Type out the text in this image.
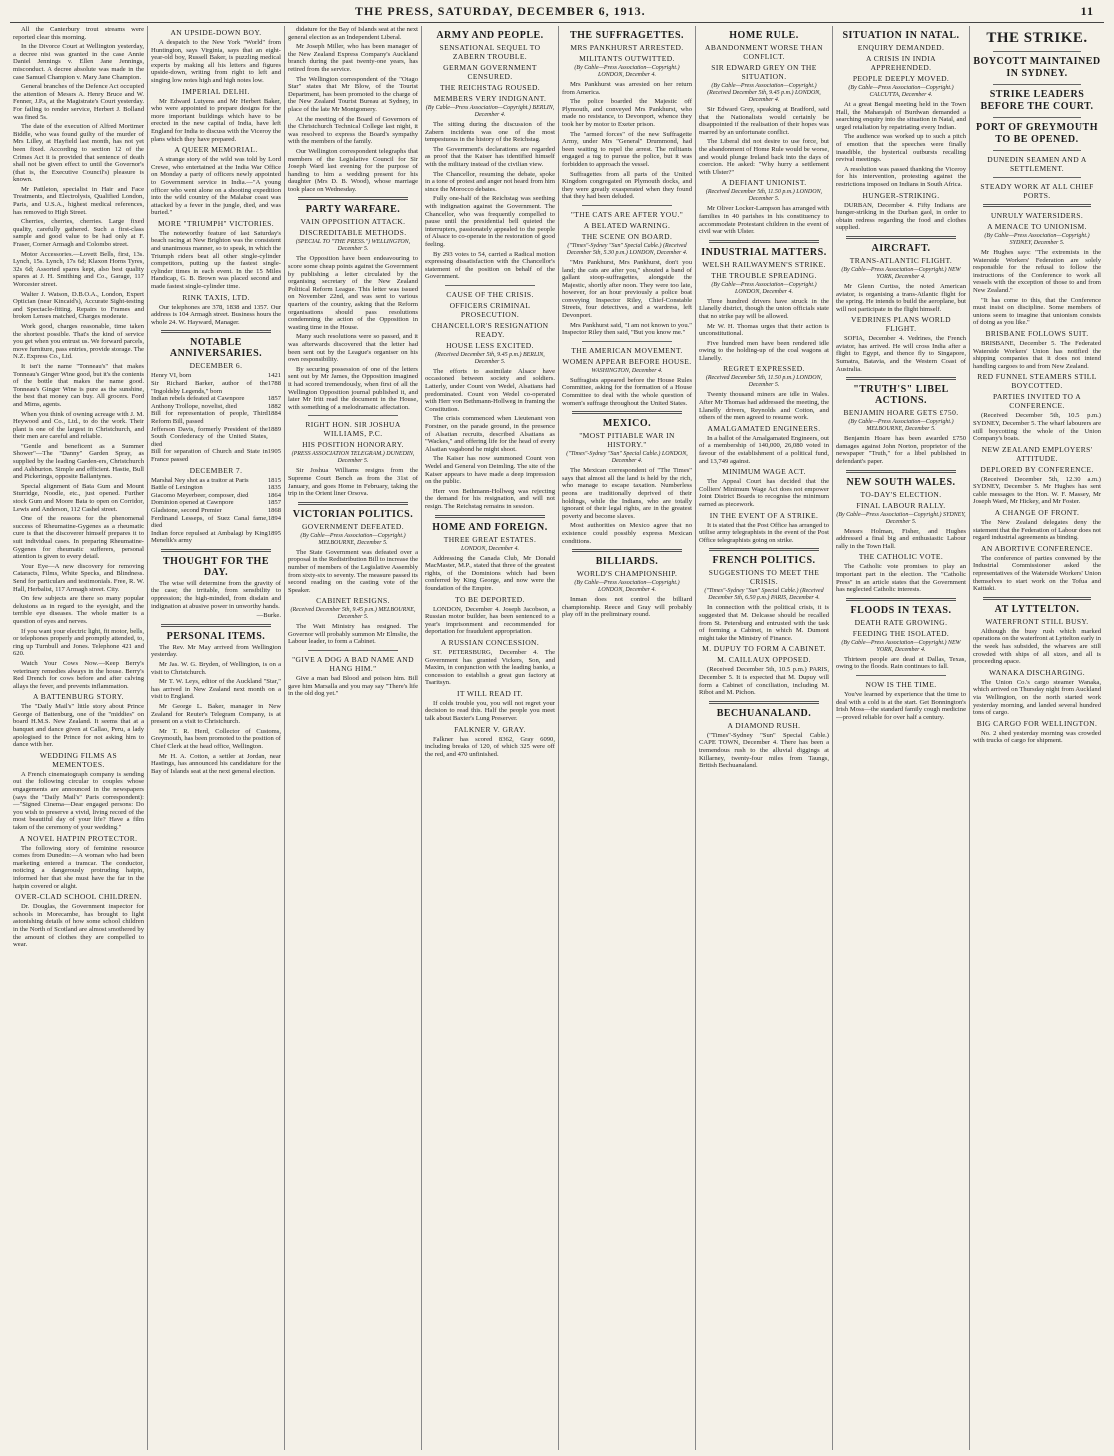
THE PRESS, SATURDAY, DECEMBER 6, 1913.	11

All the Canterbury trout streams were reported clear this morning.

In the Divorce Court at Wellington yesterday, a decree nisi was granted in the case Annie Daniel Jennings v. Ellen Jane Jennings, misconduct. A decree absolute was made in the case Samuel Champion v. Mary Jane Champion.

General branches of the Defence Act occupied the attention of Messrs A. Henry Bruce and W. Fenner, J.P.s, at the Magistrate's Court yesterday. For failing to render service, Herbert J. Bolland was fined 5s.

The date of the execution of Alfred Mortimer Biddle, who was found guilty of the murder of Mrs Lilley, at Hayfield last month, has not yet been fixed. According to section 12 of the Crimes Act it is provided that sentence of death shall not be given effect to until the Governor's (that is, the Executive Council's) pleasure is known.

Mr Pattleton, specialist in Hair and Face Treatments, and Electrolysis, Qualified London, Paris, and U.S.A., highest medical references, has removed to High Street.

Cherries, cherries, cherries. Large fixed quality, carefully gathered. Such a first-class sample and good value to be had only at F. Fraser, Corner Armagh and Colombo street.

Motor Accessories.—Lovett Bells, first, 13s. Lynch, 15s. Lynch, 17s 6d; Klaxon Horns Tyres, 32s 6d; Assorted spares kept, also best quality spares at J. H. Smithing and Co., Garage, 117 Worcester street.

Walter J. Watson, D.B.O.A., London, Expert Optician (near Kincaid's), Accurate Sight-testing and Spectacle-fitting. Repairs to Frames and broken Lenses matched, Charges moderate.

Work good, charges reasonable, time taken the shortest possible. That's the kind of service you get when you entrust us. We forward parcels, move furniture, pass entries, provide storage. The N.Z. Express Co., Ltd.

It isn't the name "Tonneau's" that makes Tonneau's Ginger Wine good, but it's the contents of the bottle that makes the name good. Tonneau's Ginger Wine is pure as the sunshine, the best that money can buy. All grocers. Ford and Mims, agents.

When you think of owning acreage with J. M. Heywood and Co., Ltd., to do the work. Their plant is one of the largest in Christchurch, and their men are careful and reliable.

"Gentle and beneficent as a Summer Shower"—The "Danny" Garden Spray, as supplied by the leading Garden-ers, Christchurch and Ashburton. Simple and efficient. Hastie, Bull and Pickerings, opposite Ballantynes.

Special alignment of Bata Gum and Mount Sturridge, Noodle, etc., just opened. Further stock Gum and Moore Bata to open on Corridor, Lewis and Anderson, 112 Cashel street.

One of the reasons for the phenomenal success of Rheumatine-Gygenes as a rheumatic cure is that the discoverer himself prepares it to suit individual cases. In preparing Rheumatine-Gygenes for rheumatic sufferers, personal attention is given to every detail.

Your Eye—A new discovery for removing Cataracts, Films, White Specks, and Blindness. Send for particulars and testimonials. Free, R. W. Hall, Herbalist, 117 Armagh street. City.

On few subjects are there so many popular delusions as in regard to the eyesight, and the terrible eye diseases. The whole matter is a question of eyes and nerves.

If you want your electric light, fit motor, bells, or telephones properly and promptly attended, to, ring up Turnbull and Jones. Telephone 421 and 620.

Watch Your Cows Now.—Keep Berry's veterinary remedies always in the house. Berry's Red Drench for cows before and after calving allays the fever, and prevents inflammation.

A BATTENBURG STORY.

The "Daily Mail's" little story about Prince George of Battenburg, one of the "middies" on board H.M.S. New Zealand. It seems that at a banquet and dance given at Callao, Peru, a lady apologised to the Prince for not asking him to dance with her.

WEDDING FILMS AS MEMENTOES.

A French cinematograph company is sending out the following circular to couples whose engagements are announced in the newspapers (says the "Daily Mail's" Paris correspondent):—"Signed Cinema—Dear engaged persons: Do you wish to preserve a vivid, living record of the most beautiful day of your life? Have a film taken of the ceremony of your wedding."

A NOVEL HATPIN PROTECTOR.

The following story of feminine resource comes from Dunedin:—A woman who had been marketing entered a tramcar. The conductor, noticing a dangerously protruding hatpin, informed her that she must have the far in the hatpin covered or alight.

OVER-CLAD SCHOOL CHILDREN.

Dr. Douglas, the Government inspector for schools in Morecambe, has brought to light astonishing details of how some school children in the North of Scotland are almost smothered by the amount of clothes they are compelled to wear.

AN UPSIDE-DOWN BOY.

A despatch to the New York "World" from Huntington, says Virginia, says that an eight-year-old boy, Russell Baker, is puzzling medical experts by making all his letters and figures upside-down, writing from right to left and singing low notes high and high notes low.

IMPERIAL DELHI.

Mr Edward Lutyens and Mr Herbert Baker, who were appointed to prepare designs for the more important buildings which have to be erected in the new capital of India, have left England for India to discuss with the Viceroy the plans which they have prepared.

A QUEER MEMORIAL.

A strange story of the wild was told by Lord Crewe, who entertained at the India War Office on Monday a party of officers newly appointed to Government service in India.—"A young officer who went alone on a shooting expedition into the wild country of the Malabar coast was attacked by a fever in the jungle, died, and was buried."

MORE "TRIUMPH" VICTORIES.

The noteworthy feature of last Saturday's beach racing at New Brighton was the consistent and unanimous manner, so to speak, in which the Triumph riders beat all other single-cylinder competitors, putting up the fastest single-cylinder times in each event. In the 15 Miles Handicap, G. B. Brown was placed second and made fastest single-cylinder time.

RINK TAXIS, LTD.

Our telephones are 378, 1838 and 1357. Our address is 104 Armagh street. Business hours the whole 24. W. Hayward, Manager.

NOTABLE ANNIVERSARIES.
DECEMBER 6.
Henry VI, born	1421
Sir Richard Barker, author of the "Ingoldsby Legends," born
1788
Indian rebels defeated at Cawnpore	1857
Anthony Trollope, novelist, died	1882
Bill for representation of people, Third Reform Bill, passed
1884
Jefferson Davis, formerly President of the South Confederacy of the United States, died
1889
Bill for separation of Church and State in France passed
1905
DECEMBER 7.
Marshal Ney shot as a traitor at Paris	1815
Battle of Lexington	1835
Giacomo Meyerbeer, composer, died	1864
Dominion opened at Cawnpore	1857
Gladstone, second Premier	1868
Ferdinand Lesseps, of Suez Canal fame, died
1894
Indian force repulsed at Ambalagi by King Menelik's army
1895
THOUGHT FOR THE DAY.

The wise will determine from the gravity of the case; the irritable, from sensibility to oppression; the high-minded, from disdain and indignation at abusive power in unworthy hands.

—Burke.

PERSONAL ITEMS.

The Rev. Mr May arrived from Wellington yesterday.

Mr Jas. W. G. Bryden, of Wellington, is on a visit to Christchurch.

Mr T. W. Leys, editor of the Auckland "Star," has arrived in New Zealand next month on a visit to England.

Mr George L. Baker, manager in New Zealand for Reuter's Telegram Company, is at present on a visit to Christchurch.

Mr T. R. Herd, Collector of Customs, Greymouth, has been promoted to the position of Chief Clerk at the head office, Wellington.

Mr H. A. Cotton, a settler at Jordan, near Hastings, has announced his candidature for the Bay of Islands seat at the next general election.

didature for the Bay of Islands seat at the next general election as an Independent Liberal.

Mr Joseph Miller, who has been manager of the New Zealand Express Company's Auckland branch during the past twenty-one years, has retired from the service.

The Wellington correspondent of the "Otago Star" states that Mr Blow, of the Tourist Department, has been promoted to the charge of the New Zealand Tourist Bureau at Sydney, in place of the late Mr Montgomery.

At the meeting of the Board of Governors of the Christchurch Technical College last night, it was resolved to express the Board's sympathy with the members of the family.

Our Wellington correspondent telegraphs that members of the Legislative Council for Sir Joseph Ward last evening for the purpose of handing to him a wedding present for his daughter (Mrs D. B. Wood), whose marriage took place on Wednesday.

PARTY WARFARE.
VAIN OPPOSITION ATTACK.
DISCREDITABLE METHODS.
(SPECIAL TO "THE PRESS.") WELLINGTON, December 5.

The Opposition have been endeavouring to score some cheap points against the Government by publishing a letter circulated by the organising secretary of the New Zealand Political Reform League. This letter was issued on November 22nd, and was sent to various quarters of the country, asking that the Reform organisations should pass resolutions condemning the action of the Opposition in wasting time in the House.

Many such resolutions were so passed, and it was afterwards discovered that the letter had been sent out by the League's organiser on his own responsibility.

By securing possession of one of the letters sent out by Mr James, the Opposition imagined it had scored tremendously, when first of all the Wellington Opposition journal published it, and later Mr Iritt read the document in the House, with something of a melodramatic affectation.

RIGHT HON. SIR JOSHUA WILLIAMS, P.C.
HIS POSITION HONORARY.
(PRESS ASSOCIATION TELEGRAM.) DUNEDIN, December 5.

Sir Joshua Williams resigns from the Supreme Court Bench as from the 31st of January, and goes Home in February, taking the trip in the Orient liner Orsova.

VICTORIAN POLITICS.
GOVERNMENT DEFEATED.
(By Cable—Press Association—Copyright.) MELBOURNE, December 5.

The State Government was defeated over a proposal in the Redistribution Bill to increase the number of members of the Legislative Assembly from sixty-six to seventy. The measure passed its second reading on the casting vote of the Speaker.

CABINET RESIGNS.
(Received December 5th, 9.45 p.m.) MELBOURNE, December 5.

The Watt Ministry has resigned. The Governor will probably summon Mr Elmslie, the Labour leader, to form a Cabinet.

"GIVE A DOG A BAD NAME AND HANG HIM."

Give a man bad Blood and poison him. Bill gave him Marsalla and you may say "There's life in the old dog yet."

ARMY AND PEOPLE.
SENSATIONAL SEQUEL TO ZABERN TROUBLE.
GERMAN GOVERNMENT CENSURED.
THE REICHSTAG ROUSED.
MEMBERS VERY INDIGNANT.
(By Cable—Press Association—Copyright.) BERLIN, December 4.

The sitting during the discussion of the Zabern incidents was one of the most tempestuous in the history of the Reichstag.

The Government's declarations are regarded as proof that the Kaiser has identified himself with the military instead of the civilian view.

The Chancellor, resuming the debate, spoke in a tone of protest and anger not heard from him since the Morocco debates.

Fully one-half of the Reichstag was seething with indignation against the Government. The Chancellor, who was frequently compelled to pause until the presidential bell quieted the interrupters, passionately appealed to the people of Alsace to co-operate in the restoration of good feeling.

By 293 votes to 54, carried a Radical motion expressing dissatisfaction with the Chancellor's statement of the position on behalf of the Government.

CAUSE OF THE CRISIS.
OFFICERS CRIMINAL PROSECUTION.
CHANCELLOR'S RESIGNATION READY.
HOUSE LESS EXCITED.
(Received December 5th, 9.45 p.m.) BERLIN, December 5.

The efforts to assimilate Alsace have occasioned between society and soldiers. Latterly, under Count von Wedel, Alsatians had predominated. Count von Wedel co-operated with Herr von Bethmann-Hollweg in framing the Constitution.

The crisis commenced when Lieutenant von Forstner, on the parade ground, in the presence of Alsatian recruits, described Alsatians as "Wackes," and offering life for the head of every Alsatian vagabond he might shoot.

The Kaiser has now summoned Count von Wedel and General von Deimling. The site of the Kaiser appears to have made a deep impression on the public.

Herr von Bethmann-Hollweg was rejecting the demand for his resignation, and will not resign. The Reichstag remains in session.

HOME AND FOREIGN.
THREE GREAT ESTATES.
LONDON, December 4.

Addressing the Canada Club, Mr Donald MacMaster, M.P., stated that three of the greatest rights, of the Dominions which had been conferred by King George, and now were the foundation of the Empire.

TO BE DEPORTED.

LONDON, December 4. Joseph Jacobson, a Russian motor builder, has been sentenced to a year's imprisonment and recommended for deportation for fraudulent appropriation.

A RUSSIAN CONCESSION.

ST. PETERSBURG, December 4. The Government has granted Vickers, Son, and Maxim, in conjunction with the leading banks, a concession to establish a great gun factory at Tsaritsyn.

IT WILL READ IT.

If colds trouble you, you will not regret your decision to read this. Half the people you meet talk about Baxter's Lung Preserver.

FALKNER V. GRAY.

Falkner has scored 8362, Gray 6090, including breaks of 120, of which 325 were off the red, and 470 unfinished.

THE SUFFRAGETTES.
MRS PANKHURST ARRESTED.
MILITANTS OUTWITTED.
(By Cable—Press Association—Copyright.) LONDON, December 4.

Mrs Pankhurst was arrested on her return from America.

The police boarded the Majestic off Plymouth, and conveyed Mrs Pankhurst, who made no resistance, to Devonport, whence they took her by motor to Exeter prison.

The "armed forces" of the new Suffragette Army, under Mrs "General" Drummond, had been waiting to repel the arrest. The militants engaged a tug to pursue the police, but it was forbidden to approach the vessel.

Suffragettes from all parts of the United Kingdom congregated on Plymouth docks, and they were greatly exasperated when they found that they had been deluded.

"THE CATS ARE AFTER YOU."
A BELATED WARNING.
THE SCENE ON BOARD.
("Times"-Sydney "Sun" Special Cable.) (Received December 5th, 5.30 p.m.) LONDON, December 4.

"Mrs Pankhurst, Mrs Pankhurst, don't you land; the cats are after you," shouted a band of gallant stoop-suffragettes, alongside the Majestic, shortly after noon. They were too late, however, for an hour previously a police boat conveying Inspector Riley, Chief-Constable Streets, four detectives, and a wardress, left Devonport.

Mrs Pankhurst said, "I am not known to you." Inspector Riley then said, "But you know me."

THE AMERICAN MOVEMENT.
WOMEN APPEAR BEFORE HOUSE.
WASHINGTON, December 4.

Suffragists appeared before the House Rules Committee, asking for the formation of a House Committee to deal with the whole question of women's suffrage throughout the United States.

MEXICO.
"MOST PITIABLE WAR IN HISTORY."
("Times"-Sydney "Sun" Special Cable.) LONDON, December 4.

The Mexican correspondent of "The Times" says that almost all the land is held by the rich, who manage to escape taxation. Numberless peons are traditionally deprived of their holdings, while the Indians, who are totally ignorant of their legal rights, are in the greatest poverty and become slaves.

Most authorities on Mexico agree that no existence could possibly express Mexican conditions.

BILLIARDS.
WORLD'S CHAMPIONSHIP.
(By Cable—Press Association—Copyright.) LONDON, December 4.

Inman does not control the billiard championship. Reece and Gray will probably play off in the preliminary round.

HOME RULE.
ABANDONMENT WORSE THAN CONFLICT.
SIR EDWARD GREY ON THE SITUATION.
(By Cable—Press Association—Copyright.) (Received December 5th, 9.45 p.m.) LONDON, December 4.

Sir Edward Grey, speaking at Bradford, said that the Nationalists would certainly be disappointed if the realisation of their hopes was marred by an unfortunate conflict.

The Liberal did not desire to use force, but the abandonment of Home Rule would be worse, and would plunge Ireland back into the days of coercion. He asked: "Why hurry a settlement with Ulster?"

A DEFIANT UNIONIST.
(Received December 5th, 11.50 p.m.) LONDON, December 5.

Mr Oliver Locker-Lampson has arranged with families in 40 parishes in his constituency to accommodate Protestant children in the event of civil war with Ulster.

INDUSTRIAL MATTERS.
WELSH RAILWAYMEN'S STRIKE.
THE TROUBLE SPREADING.
(By Cable—Press Association—Copyright.) LONDON, December 4.

Three hundred drivers have struck in the Llanelly district, though the union officials state that no strike pay will be allowed.

Mr W. H. Thomas urges that their action is unconstitutional.

Five hundred men have been rendered idle owing to the holding-up of the coal wagons at Llanelly.

REGRET EXPRESSED.
(Received December 5th, 11.50 p.m.) LONDON, December 5.

Twenty thousand miners are idle in Wales. After Mr Thomas had addressed the meeting, the Llanelly drivers, Reynolds and Cotton, and others of the men agreed to resume work.

AMALGAMATED ENGINEERS.

In a ballot of the Amalgamated Engineers, out of a membership of 140,000, 26,080 voted in favour of the establishment of a political fund, and 13,749 against.

MINIMUM WAGE ACT.

The Appeal Court has decided that the Colliers' Minimum Wage Act does not empower Joint District Boards to recognise the minimum earned as piecework.

IN THE EVENT OF A STRIKE.

It is stated that the Post Office has arranged to utilise army telegraphists in the event of the Post Office telegraphists going on strike.

FRENCH POLITICS.
SUGGESTIONS TO MEET THE CRISIS.
("Times"-Sydney "Sun" Special Cable.) (Received December 5th, 6.50 p.m.) PARIS, December 4.

In connection with the political crisis, it is suggested that M. Delcasse should be recalled from St. Petersburg and entrusted with the task of forming a Cabinet, in which M. Dumont might take the Ministry of Finance.

M. DUPUY TO FORM A CABINET.
M. CAILLAUX OPPOSED.

(Received December 5th, 10.5 p.m.) PARIS, December 5. It is expected that M. Dupuy will form a Cabinet of conciliation, including M. Ribot and M. Pichon.

BECHUANALAND.
A DIAMOND RUSH.

("Times"-Sydney "Sun" Special Cable.) CAPE TOWN, December 4. There has been a tremendous rush to the alluvial diggings at Killarney, twenty-four miles from Taungs, British Bechuanaland.

SITUATION IN NATAL.
ENQUIRY DEMANDED.
A CRISIS IN INDIA APPREHENDED.
PEOPLE DEEPLY MOVED.
(By Cable—Press Association—Copyright.) CALCUTTA, December 4.

At a great Bengal meeting held in the Town Hall, the Maharajah of Burdwan demanded a searching enquiry into the situation in Natal, and urged retaliation by repatriating every Indian.

The audience was worked up to such a pitch of emotion that the speeches were finally inaudible, the hysterical outbursts recalling revival meetings.

A resolution was passed thanking the Viceroy for his intervention, protesting against the restrictions imposed on Indians in South Africa.

HUNGER-STRIKING.

DURBAN, December 4. Fifty Indians are hunger-striking in the Durban gaol, in order to obtain redress regarding the food and clothes supplied.

AIRCRAFT.
TRANS-ATLANTIC FLIGHT.
(By Cable—Press Association—Copyright.) NEW YORK, December 4.

Mr Glenn Curtiss, the noted American aviator, is organising a trans-Atlantic flight for the spring. He intends to build the aeroplane, but will not participate in the flight himself.

VEDRINES PLANS WORLD FLIGHT.

SOFIA, December 4. Vedrines, the French aviator, has arrived. He will cross India after a flight to Egypt, and thence fly to Singapore, Sumatra, Batavia, and the Western Coast of Australia.

"TRUTH'S" LIBEL ACTIONS.
BENJAMIN HOARE GETS £750.
(By Cable—Press Association—Copyright.) MELBOURNE, December 5.

Benjamin Hoare has been awarded £750 damages against John Norton, proprietor of the newspaper "Truth," for a libel published in defendant's paper.

NEW SOUTH WALES.
TO-DAY'S ELECTION.
FINAL LABOUR RALLY.
(By Cable—Press Association—Copyright.) SYDNEY, December 5.

Messrs Holman, Fisher, and Hughes addressed a final big and enthusiastic Labour rally in the Town Hall.

THE CATHOLIC VOTE.

The Catholic vote promises to play an important part in the election. The "Catholic Press" in an article states that the Government has neglected Catholic interests.

FLOODS IN TEXAS.
DEATH RATE GROWING.
FEEDING THE ISOLATED.
(By Cable—Press Association—Copyright.) NEW YORK, December 4.

Thirteen people are dead at Dallas, Texas, owing to the floods. Rain continues to fall.

NOW IS THE TIME.

You've learned by experience that the time to deal with a cold is at the start. Get Bonnington's Irish Moss—the standard family cough medicine—proved reliable for over half a century.

THE STRIKE.
BOYCOTT MAINTAINED IN SYDNEY.
STRIKE LEADERS BEFORE THE COURT.
PORT OF GREYMOUTH TO BE OPENED.
DUNEDIN SEAMEN AND A SETTLEMENT.
STEADY WORK AT ALL CHIEF PORTS.
UNRULY WATERSIDERS.
A MENACE TO UNIONISM.
(By Cable—Press Association—Copyright.) SYDNEY, December 5.

Mr Hughes says: "The extremists in the Waterside Workers' Federation are solely responsible for the refusal to follow the instructions of the Conference to work all vessels with the exception of those to and from New Zealand."

"It has come to this, that the Conference must insist on discipline. Some members of unions seem to imagine that unionism consists of doing as you like."

BRISBANE FOLLOWS SUIT.

BRISBANE, December 5. The Federated Waterside Workers' Union has notified the shipping companies that it does not intend handling cargoes to and from New Zealand.

RED FUNNEL STEAMERS STILL BOYCOTTED.
PARTIES INVITED TO A CONFERENCE.

(Received December 5th, 10.5 p.m.) SYDNEY, December 5. The wharf labourers are still boycotting the whole of the Union Company's boats.

NEW ZEALAND EMPLOYERS' ATTITUDE.
DEPLORED BY CONFERENCE.

(Received December 5th, 12.30 a.m.) SYDNEY, December 5. Mr Hughes has sent cable messages to the Hon. W. F. Massey, Mr Joseph Ward, Mr Hickey, and Mr Foster.

A CHANGE OF FRONT.

The New Zealand delegates deny the statement that the Federation of Labour does not regard industrial agreements as binding.

AN ABORTIVE CONFERENCE.

The conference of parties convened by the Industrial Commissioner asked the representatives of the Waterside Workers' Union themselves to start work on the Tofua and Kaitiaki.

AT LYTTELTON.
WATERFRONT STILL BUSY.

Although the busy rush which marked operations on the waterfront at Lyttelton early in the week has subsided, the wharves are still crowded with ships of all sizes, and all is proceeding apace.

WANAKA DISCHARGING.

The Union Co.'s cargo steamer Wanaka, which arrived on Thursday night from Auckland via Wellington, on the north started work yesterday morning, and landed several hundred tons of cargo.

BIG CARGO FOR WELLINGTON.

No. 2 shed yesterday morning was crowded with trucks of cargo for shipment.
